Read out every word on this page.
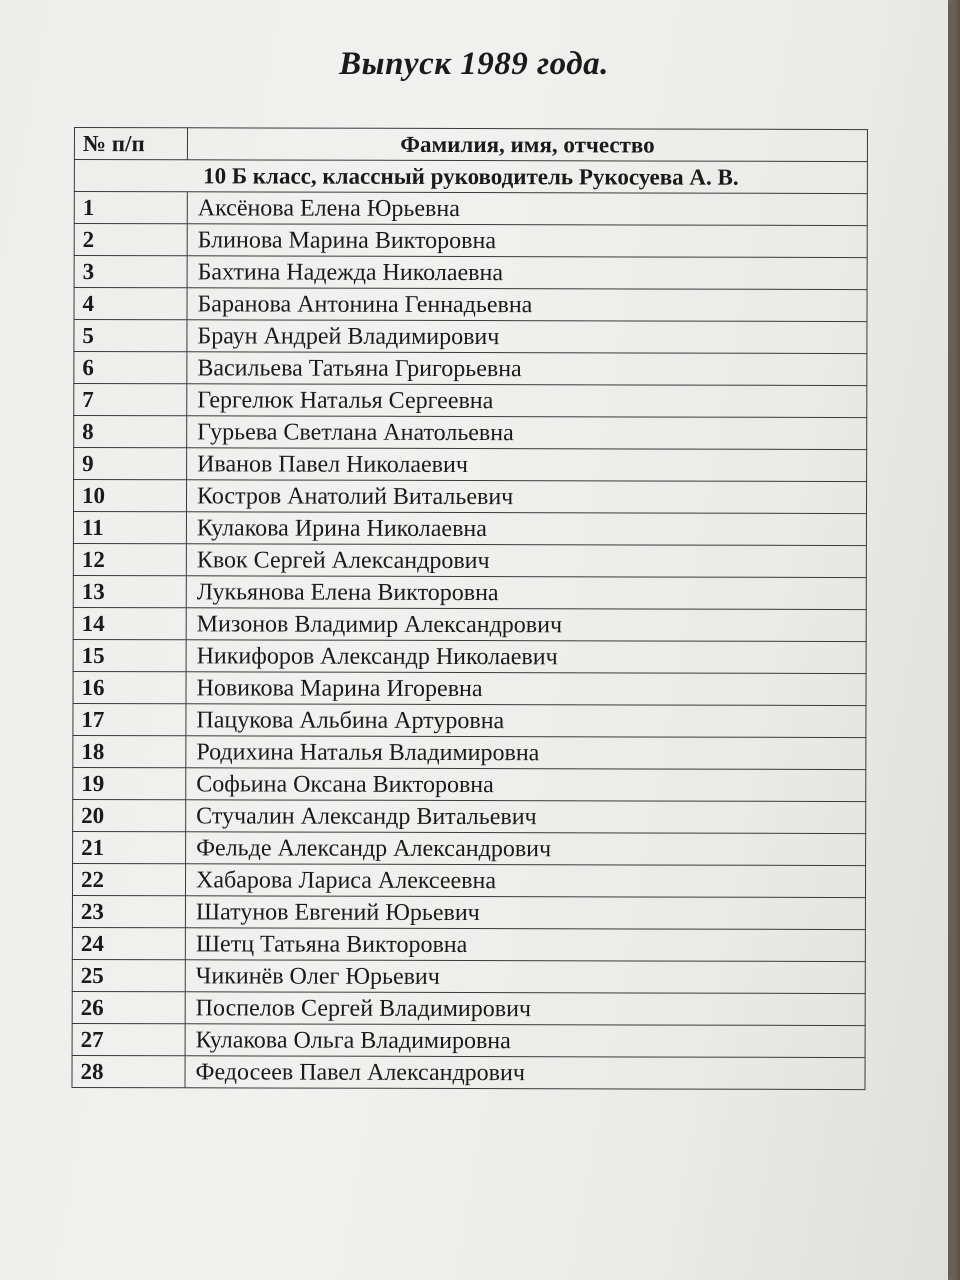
Выпуск 1989 года.
№ п/п	Фамилия, имя, отчество
10 Б класс, классный руководитель Рукосуева А. В.	
1	Аксёнова Елена Юрьевна
2	Блинова Марина Викторовна
3	Бахтина Надежда Николаевна
4	Баранова Антонина Геннадьевна
5	Браун Андрей Владимирович
6	Васильева Татьяна Григорьевна
7	Гергелюк Наталья Сергеевна
8	Гурьева Светлана Анатольевна
9	Иванов Павел Николаевич
10	Костров Анатолий Витальевич
11	Кулакова Ирина Николаевна
12	Квок Сергей Александрович
13	Лукьянова Елена Викторовна
14	Мизонов Владимир Александрович
15	Никифоров Александр Николаевич
16	Новикова Марина Игоревна
17	Пацукова Альбина Артуровна
18	Родихина Наталья Владимировна
19	Софьина Оксана Викторовна
20	Стучалин Александр Витальевич
21	Фельде Александр Александрович
22	Хабарова Лариса Алексеевна
23	Шатунов Евгений Юрьевич
24	Шетц Татьяна Викторовна
25	Чикинёв Олег Юрьевич
26	Поспелов Сергей Владимирович
27	Кулакова Ольга Владимировна
28	Федосеев Павел Александрович
